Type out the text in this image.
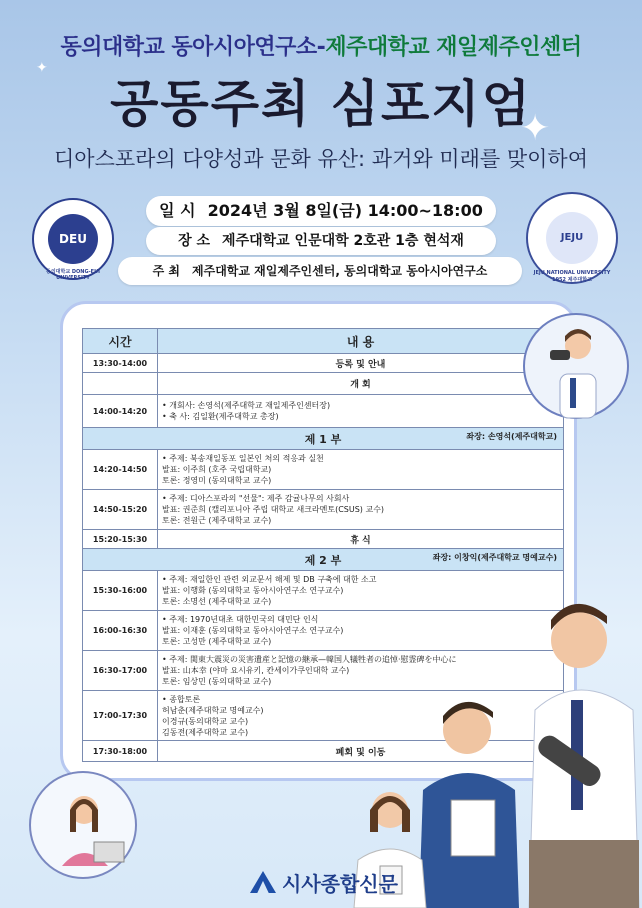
✦
✦
동의대학교 동아시아연구소-제주대학교 재일제주인센터
공동주최 심포지엄
디아스포라의 다양성과 문화 유산: 과거와 미래를 맞이하여
일 시 2024년 3월 8일(금) 14:00~18:00
장 소 제주대학교 인문대학 2호관 1층 현석재
주 최 제주대학교 재일제주인센터, 동의대학교 동아시아연구소
DEU
동의대학교 DONG-EUI UNIVERSITY
JEJU
JEJU NATIONAL UNIVERSITY 1952 제주대학교
시간	내 용
13:30-14:00	등록 및 안내
	개 회
14:00-14:20	• 개회사: 손영석(제주대학교 재일제주인센터장)
• 축 사: 김일환(제주대학교 총장)

제 1 부 좌장: 손영석(제주대학교)	

14:20-14:50	• 주제: 북송재일동포 일본인 처의 적응과 실천
발표: 이주희 (호주 국립대학교)
토론: 정영미 (동의대학교 교수)

14:50-15:20	• 주제: 디아스포라의 "선물": 제주 감귤나무의 사회사
발표: 권준희 (캘리포니아 주립 대학교 새크라멘토(CSUS) 교수)
토론: 전원근 (제주대학교 교수)

15:20-15:30	휴 식
제 2 부 좌장: 이창익(제주대학교 명예교수)	

15:30-16:00	• 주제: 재일한인 관련 외교문서 해제 및 DB 구축에 대한 소고
발표: 이행화 (동의대학교 동아시아연구소 연구교수)
토론: 소명선 (제주대학교 교수)

16:00-16:30	• 주제: 1970년대초 대한민국의 대민단 인식
발표: 이재훈 (동의대학교 동아시아연구소 연구교수)
토론: 고성만 (제주대학교 교수)

16:30-17:00	• 주제: 関東大震災の災害遺産と記憶の継承—韓国人犠牲者の追悼·慰霊碑を中心に
발표: 山本幸 (야마 요시유키, 칸세이가쿠인대학 교수)
토론: 임상민 (동의대학교 교수)

17:00-17:30	• 종합토론
허남춘(제주대학교 명예교수)
이경규(동의대학교 교수)
김동전(제주대학교 교수)

17:30-18:00	폐회 및 이동
시사종합신문
